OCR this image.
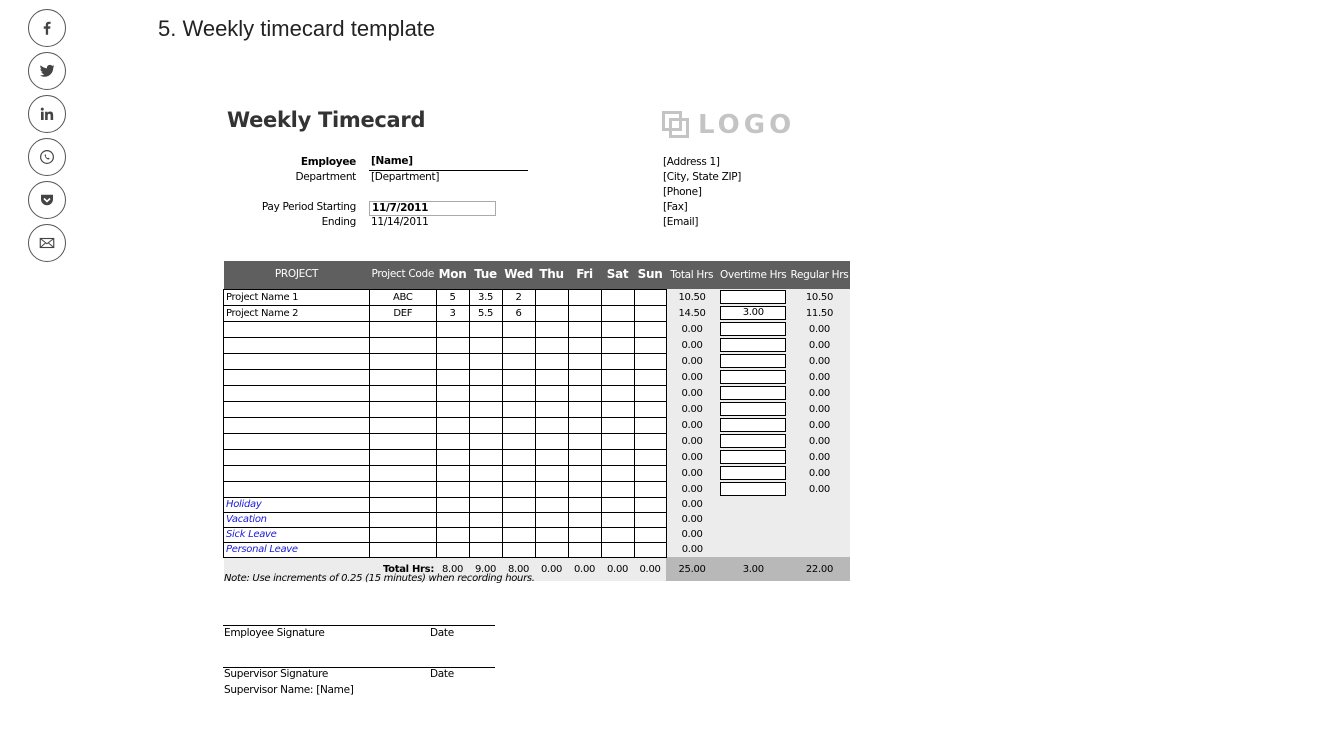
5. Weekly timecard template
Weekly Timecard	LOGO
Employee [Name]
Department [Department]
Pay Period Starting 11/7/2011
Ending 11/14/2011
[Address 1]
[City, State ZIP]
[Phone]
[Fax]
[Email]
PROJECT	Project Code	Mon	Tue	Wed	Thu	Fri	Sat	Sun	Total Hrs	Overtime Hrs	Regular Hrs
Project Name 1	ABC	5	3.5	2					10.50		10.50
Project Name 2	DEF	3	5.5	6					14.50	3.00	11.50
									0.00		0.00
									0.00		0.00
									0.00		0.00
									0.00		0.00
									0.00		0.00
									0.00		0.00
									0.00		0.00
									0.00		0.00
									0.00		0.00
									0.00		0.00
									0.00		0.00
Holiday									0.00		
Vacation									0.00		
Sick Leave									0.00		
Personal Leave									0.00		
Total Hrs:		8.00	9.00	8.00	0.00	0.00	0.00	0.00	25.00	3.00	22.00
Note: Use increments of 0.25 (15 minutes) when recording hours.
Employee Signature	Date
Supervisor Signature	Date
Supervisor Name: [Name]
